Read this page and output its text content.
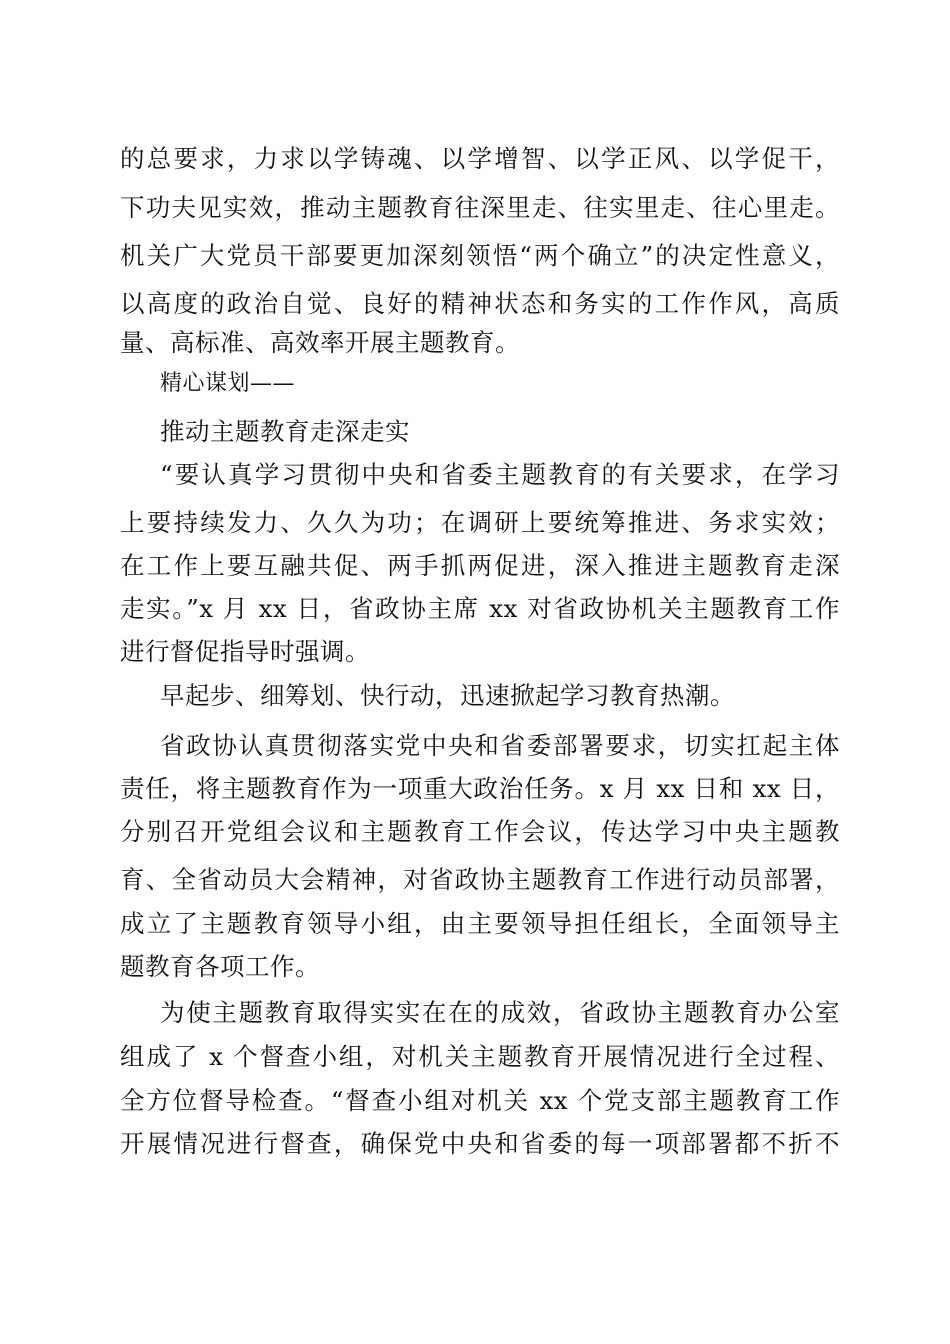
的总要求，力求以学铸魂、以学增智、以学正风、以学促干，
下功夫见实效，推动主题教育往深里走、往实里走、往心里走。
机关广大党员干部要更加深刻领悟“两个确立”的决定性意义，
以高度的政治自觉、良好的精神状态和务实的工作作风，高质
量、高标准、高效率开展主题教育。
精心谋划——
推动主题教育走深走实
“要认真学习贯彻中央和省委主题教育的有关要求，在学习
上要持续发力、久久为功；在调研上要统筹推进、务求实效；
在工作上要互融共促、两手抓两促进，深入推进主题教育走深
走实。”x 月 xx 日，省政协主席 xx 对省政协机关主题教育工作
进行督促指导时强调。
早起步、细筹划、快行动，迅速掀起学习教育热潮。
省政协认真贯彻落实党中央和省委部署要求，切实扛起主体
责任，将主题教育作为一项重大政治任务。x 月 xx 日和 xx 日，
分别召开党组会议和主题教育工作会议，传达学习中央主题教
育、全省动员大会精神，对省政协主题教育工作进行动员部署，
成立了主题教育领导小组，由主要领导担任组长，全面领导主
题教育各项工作。
为使主题教育取得实实在在的成效，省政协主题教育办公室
组成了 x 个督查小组，对机关主题教育开展情况进行全过程、
全方位督导检查。“督查小组对机关 xx 个党支部主题教育工作
开展情况进行督查，确保党中央和省委的每一项部署都不折不
